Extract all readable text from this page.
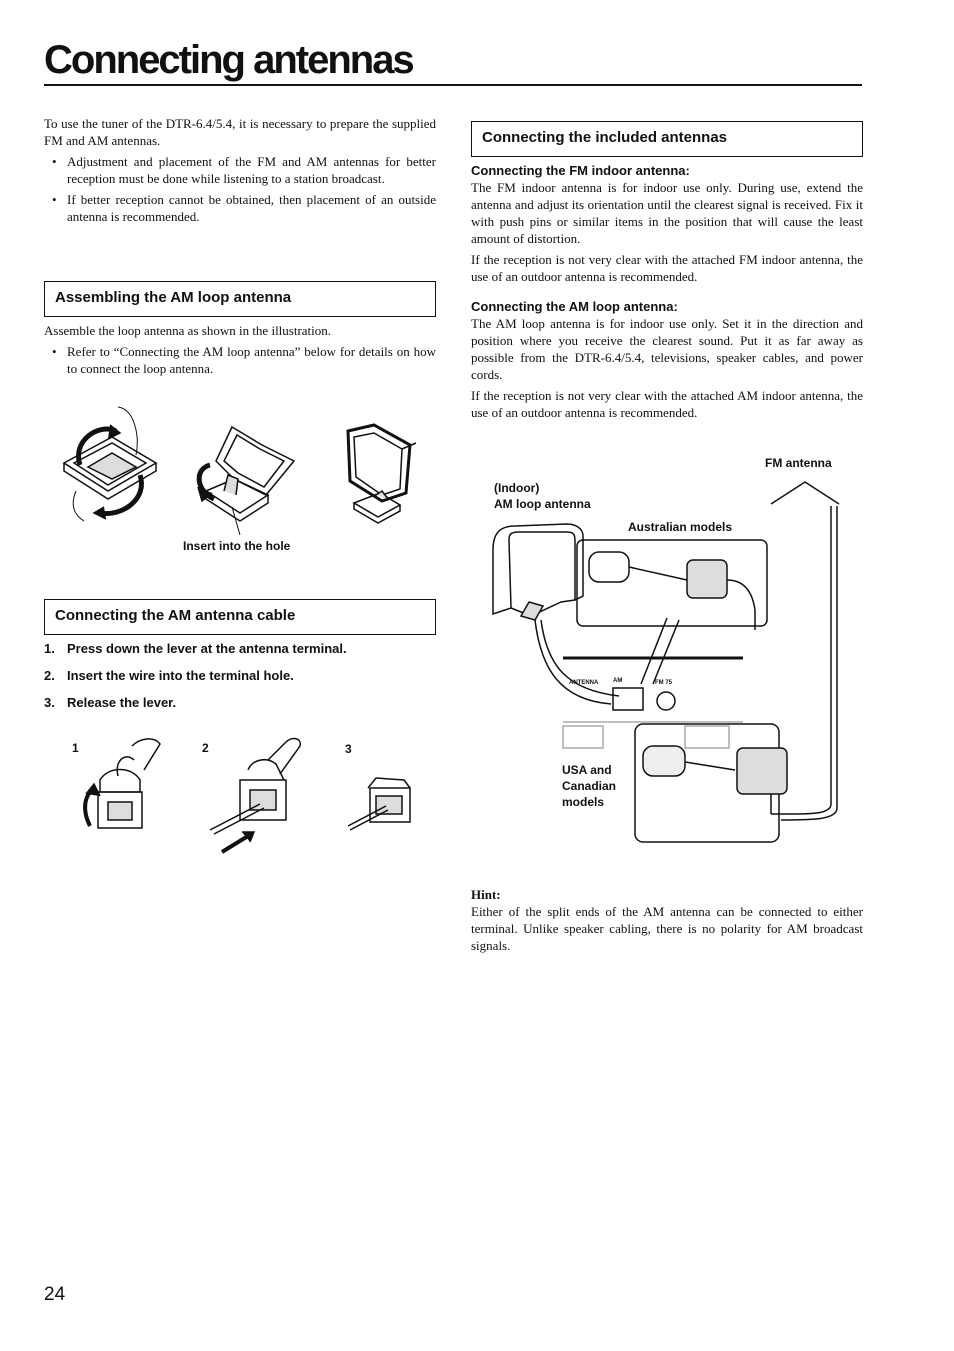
Connecting antennas

To use the tuner of the DTR-6.4/5.4, it is necessary to prepare the supplied FM and AM antennas.

• Adjustment and placement of the FM and AM antennas for better reception must be done while listening to a station broadcast.
• If better reception cannot be obtained, then placement of an outside antenna is recommended.
Assembling the AM loop antenna

Assemble the loop antenna as shown in the illustration.

• Refer to “Connecting the AM loop antenna” below for details on how to connect the loop antenna.
Insert into the hole
Connecting the AM antenna cable
1. Press down the lever at the antenna terminal.
2. Insert the wire into the terminal hole.
3. Release the lever.
1	2	3
Connecting the included antennas

Connecting the FM indoor antenna:

The FM indoor antenna is for indoor use only. During use, extend the antenna and adjust its orientation until the clearest signal is received. Fix it with push pins or similar items in the position that will cause the least amount of distortion.

If the reception is not very clear with the attached FM indoor antenna, the use of an outdoor antenna is recommended.

Connecting the AM loop antenna:

The AM loop antenna is for indoor use only. Set it in the direction and position where you receive the clearest sound. Put it as far away as possible from the DTR-6.4/5.4, televisions, speaker cables, and power cords.

If the reception is not very clear with the attached AM indoor antenna, the use of an outdoor antenna is recommended.

ANTENNA AM	FM 75
FM antenna
(Indoor)
AM loop antenna
Australian models
USA and
Canadian
models

Hint:

Either of the split ends of the AM antenna can be connected to either terminal. Unlike speaker cabling, there is no polarity for AM broadcast signals.

24
